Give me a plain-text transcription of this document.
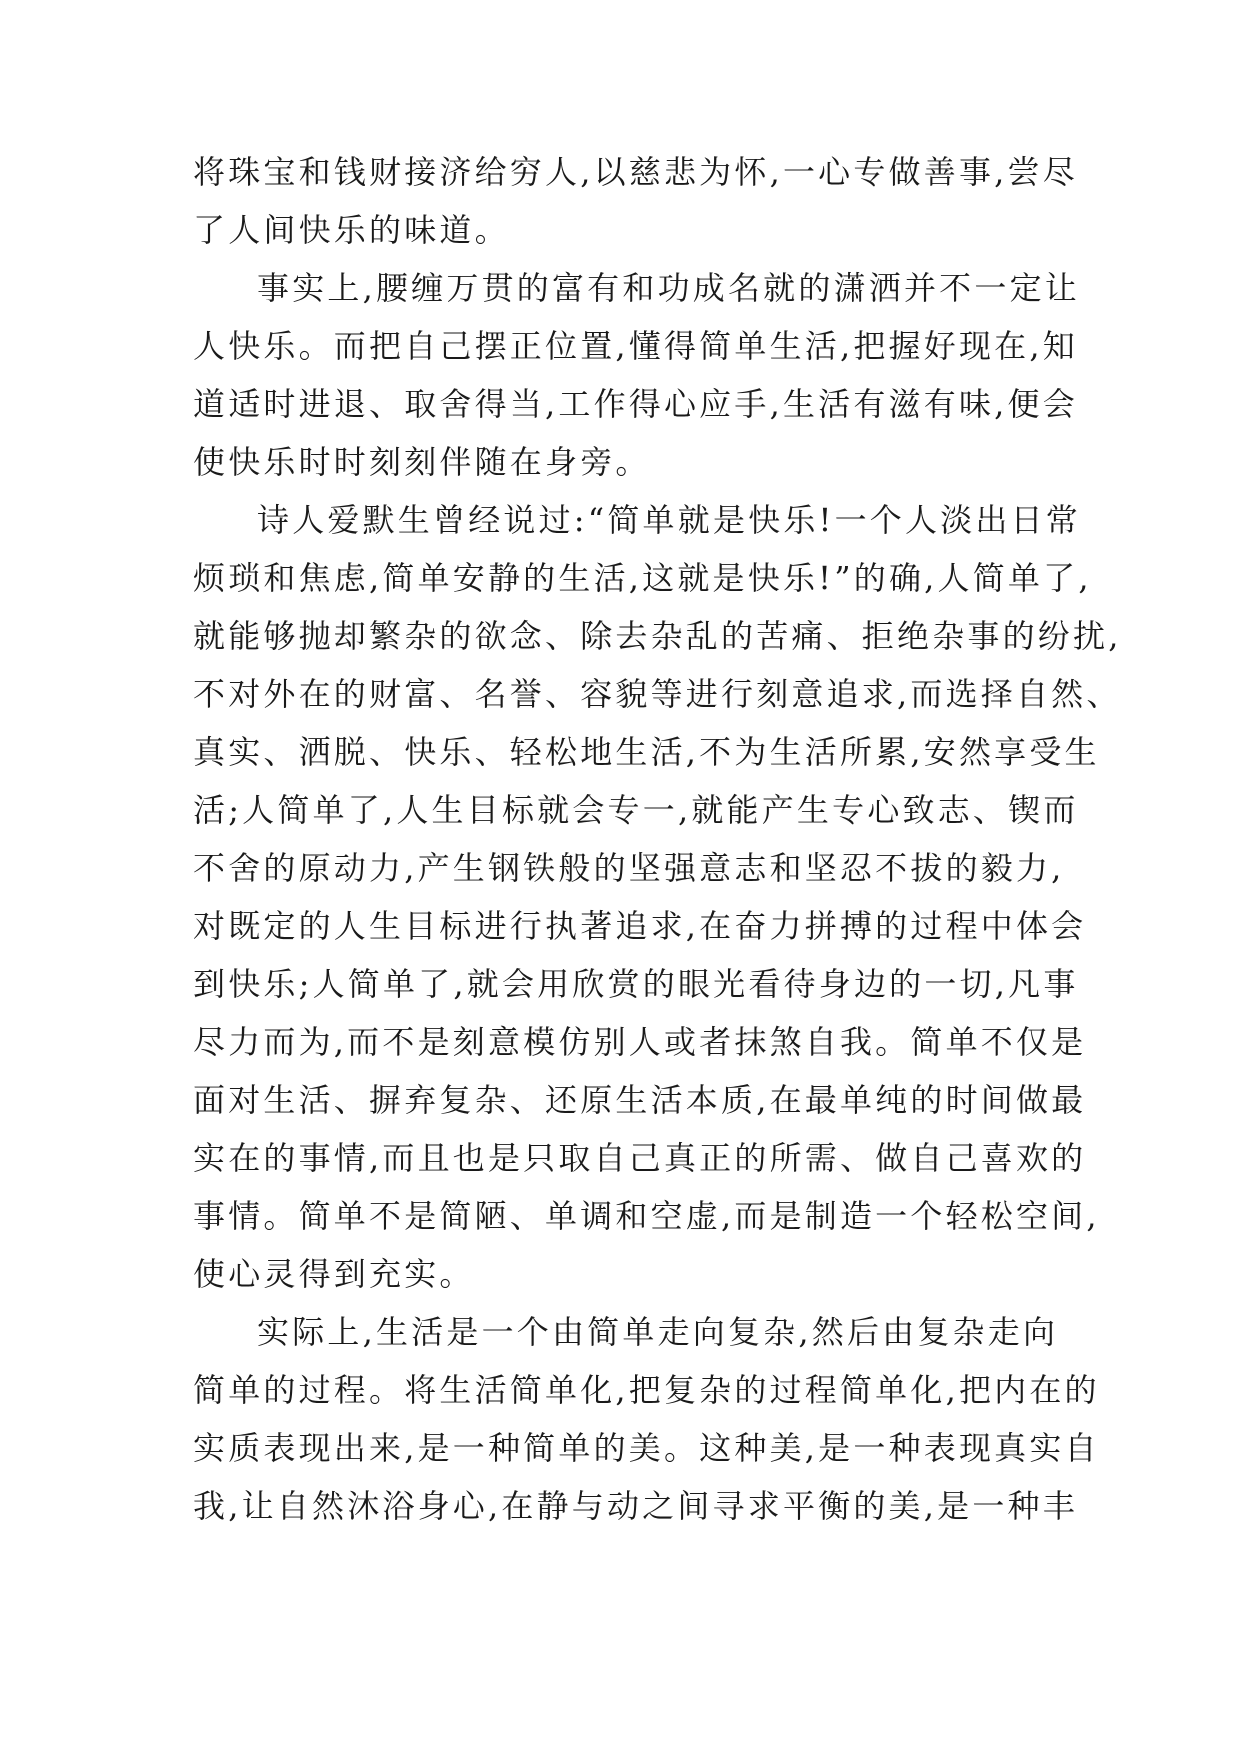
将珠宝和钱财接济给穷人,以慈悲为怀,一心专做善事,尝尽

了人间快乐的味道。

事实上,腰缠万贯的富有和功成名就的潇洒并不一定让

人快乐。而把自己摆正位置,懂得简单生活,把握好现在,知

道适时进退、取舍得当,工作得心应手,生活有滋有味,便会

使快乐时时刻刻伴随在身旁。

诗人爱默生曾经说过:“简单就是快乐!一个人淡出日常

烦琐和焦虑,简单安静的生活,这就是快乐!”的确,人简单了,

就能够抛却繁杂的欲念、除去杂乱的苦痛、拒绝杂事的纷扰,

不对外在的财富、名誉、容貌等进行刻意追求,而选择自然、

真实、洒脱、快乐、轻松地生活,不为生活所累,安然享受生

活;人简单了,人生目标就会专一,就能产生专心致志、锲而

不舍的原动力,产生钢铁般的坚强意志和坚忍不拔的毅力,

对既定的人生目标进行执著追求,在奋力拼搏的过程中体会

到快乐;人简单了,就会用欣赏的眼光看待身边的一切,凡事

尽力而为,而不是刻意模仿别人或者抹煞自我。简单不仅是

面对生活、摒弃复杂、还原生活本质,在最单纯的时间做最

实在的事情,而且也是只取自己真正的所需、做自己喜欢的

事情。简单不是简陋、单调和空虚,而是制造一个轻松空间,

使心灵得到充实。

实际上,生活是一个由简单走向复杂,然后由复杂走向

简单的过程。将生活简单化,把复杂的过程简单化,把内在的

实质表现出来,是一种简单的美。这种美,是一种表现真实自

我,让自然沐浴身心,在静与动之间寻求平衡的美,是一种丰
